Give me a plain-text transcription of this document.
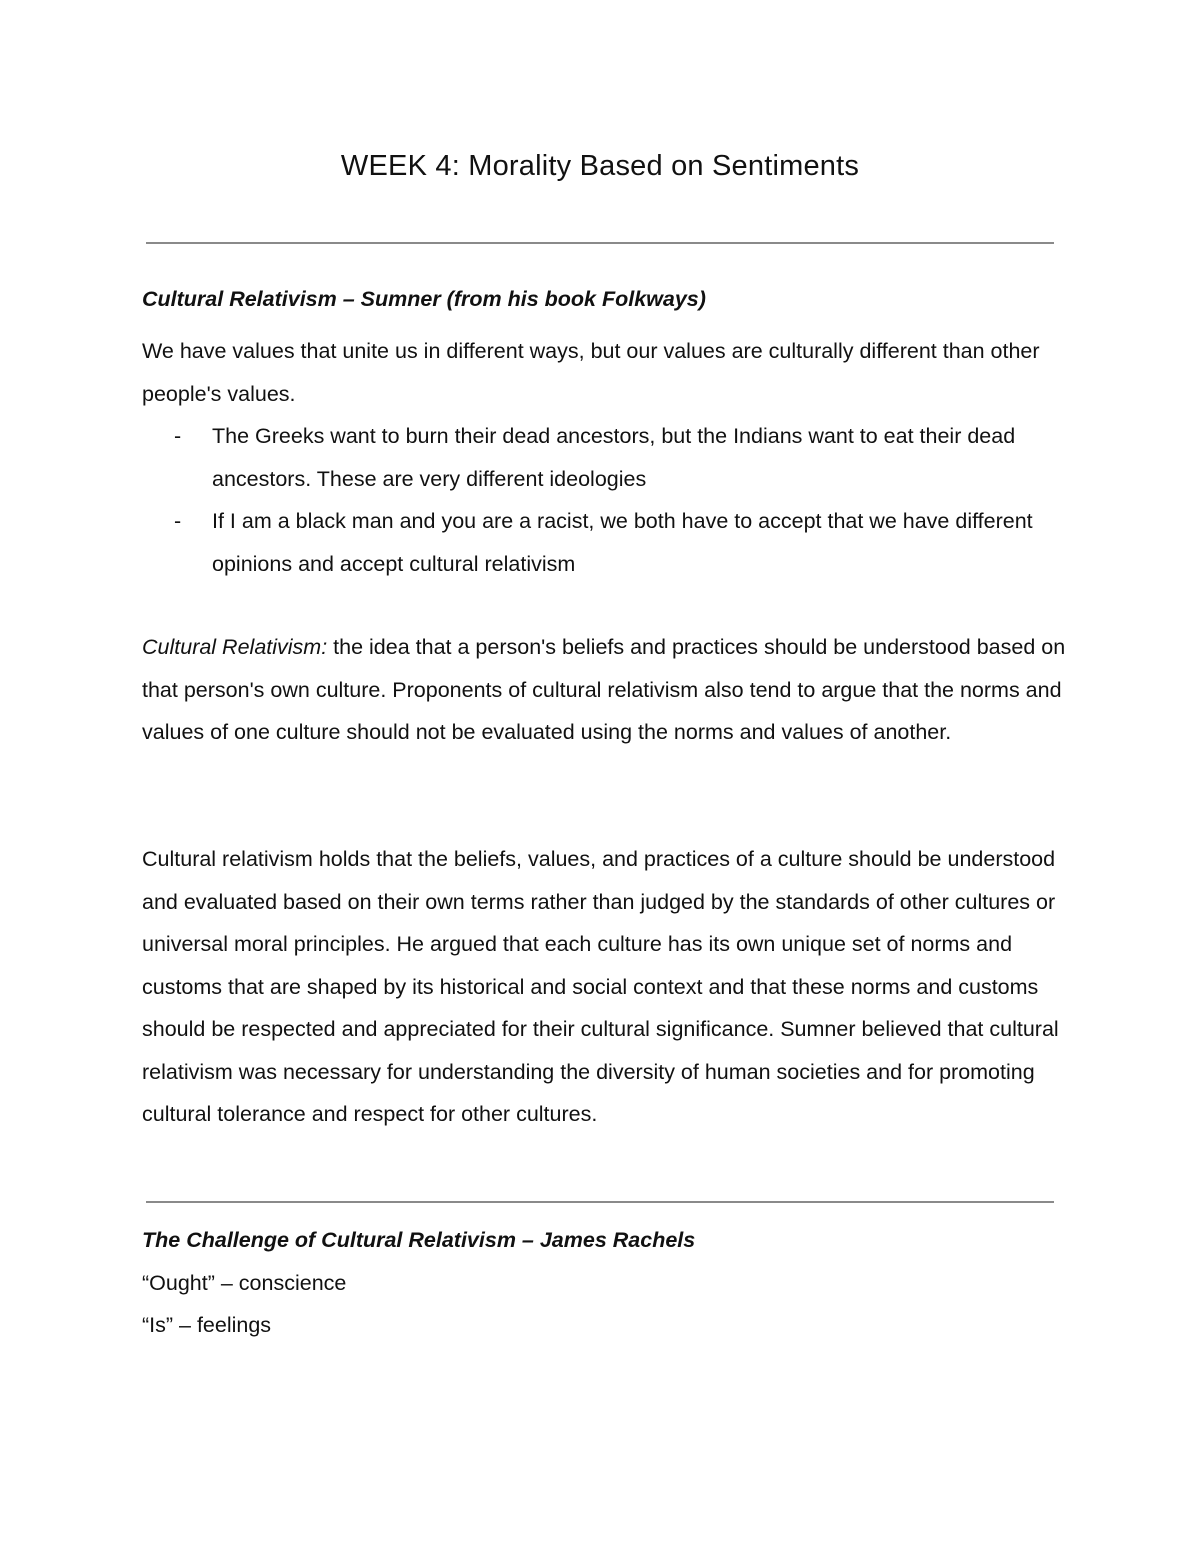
WEEK 4: Morality Based on Sentiments
Cultural Relativism – Sumner (from his book Folkways)
We have values that unite us in different ways, but our values are culturally different than other people's values.
- The Greeks want to burn their dead ancestors, but the Indians want to eat their dead ancestors. These are very different ideologies
- If I am a black man and you are a racist, we both have to accept that we have different opinions and accept cultural relativism
Cultural Relativism: the idea that a person's beliefs and practices should be understood based on that person's own culture. Proponents of cultural relativism also tend to argue that the norms and values of one culture should not be evaluated using the norms and values of another.
Cultural relativism holds that the beliefs, values, and practices of a culture should be understood and evaluated based on their own terms rather than judged by the standards of other cultures or universal moral principles. He argued that each culture has its own unique set of norms and customs that are shaped by its historical and social context and that these norms and customs should be respected and appreciated for their cultural significance. Sumner believed that cultural relativism was necessary for understanding the diversity of human societies and for promoting cultural tolerance and respect for other cultures.
The Challenge of Cultural Relativism – James Rachels
“Ought” – conscience
“Is” – feelings
